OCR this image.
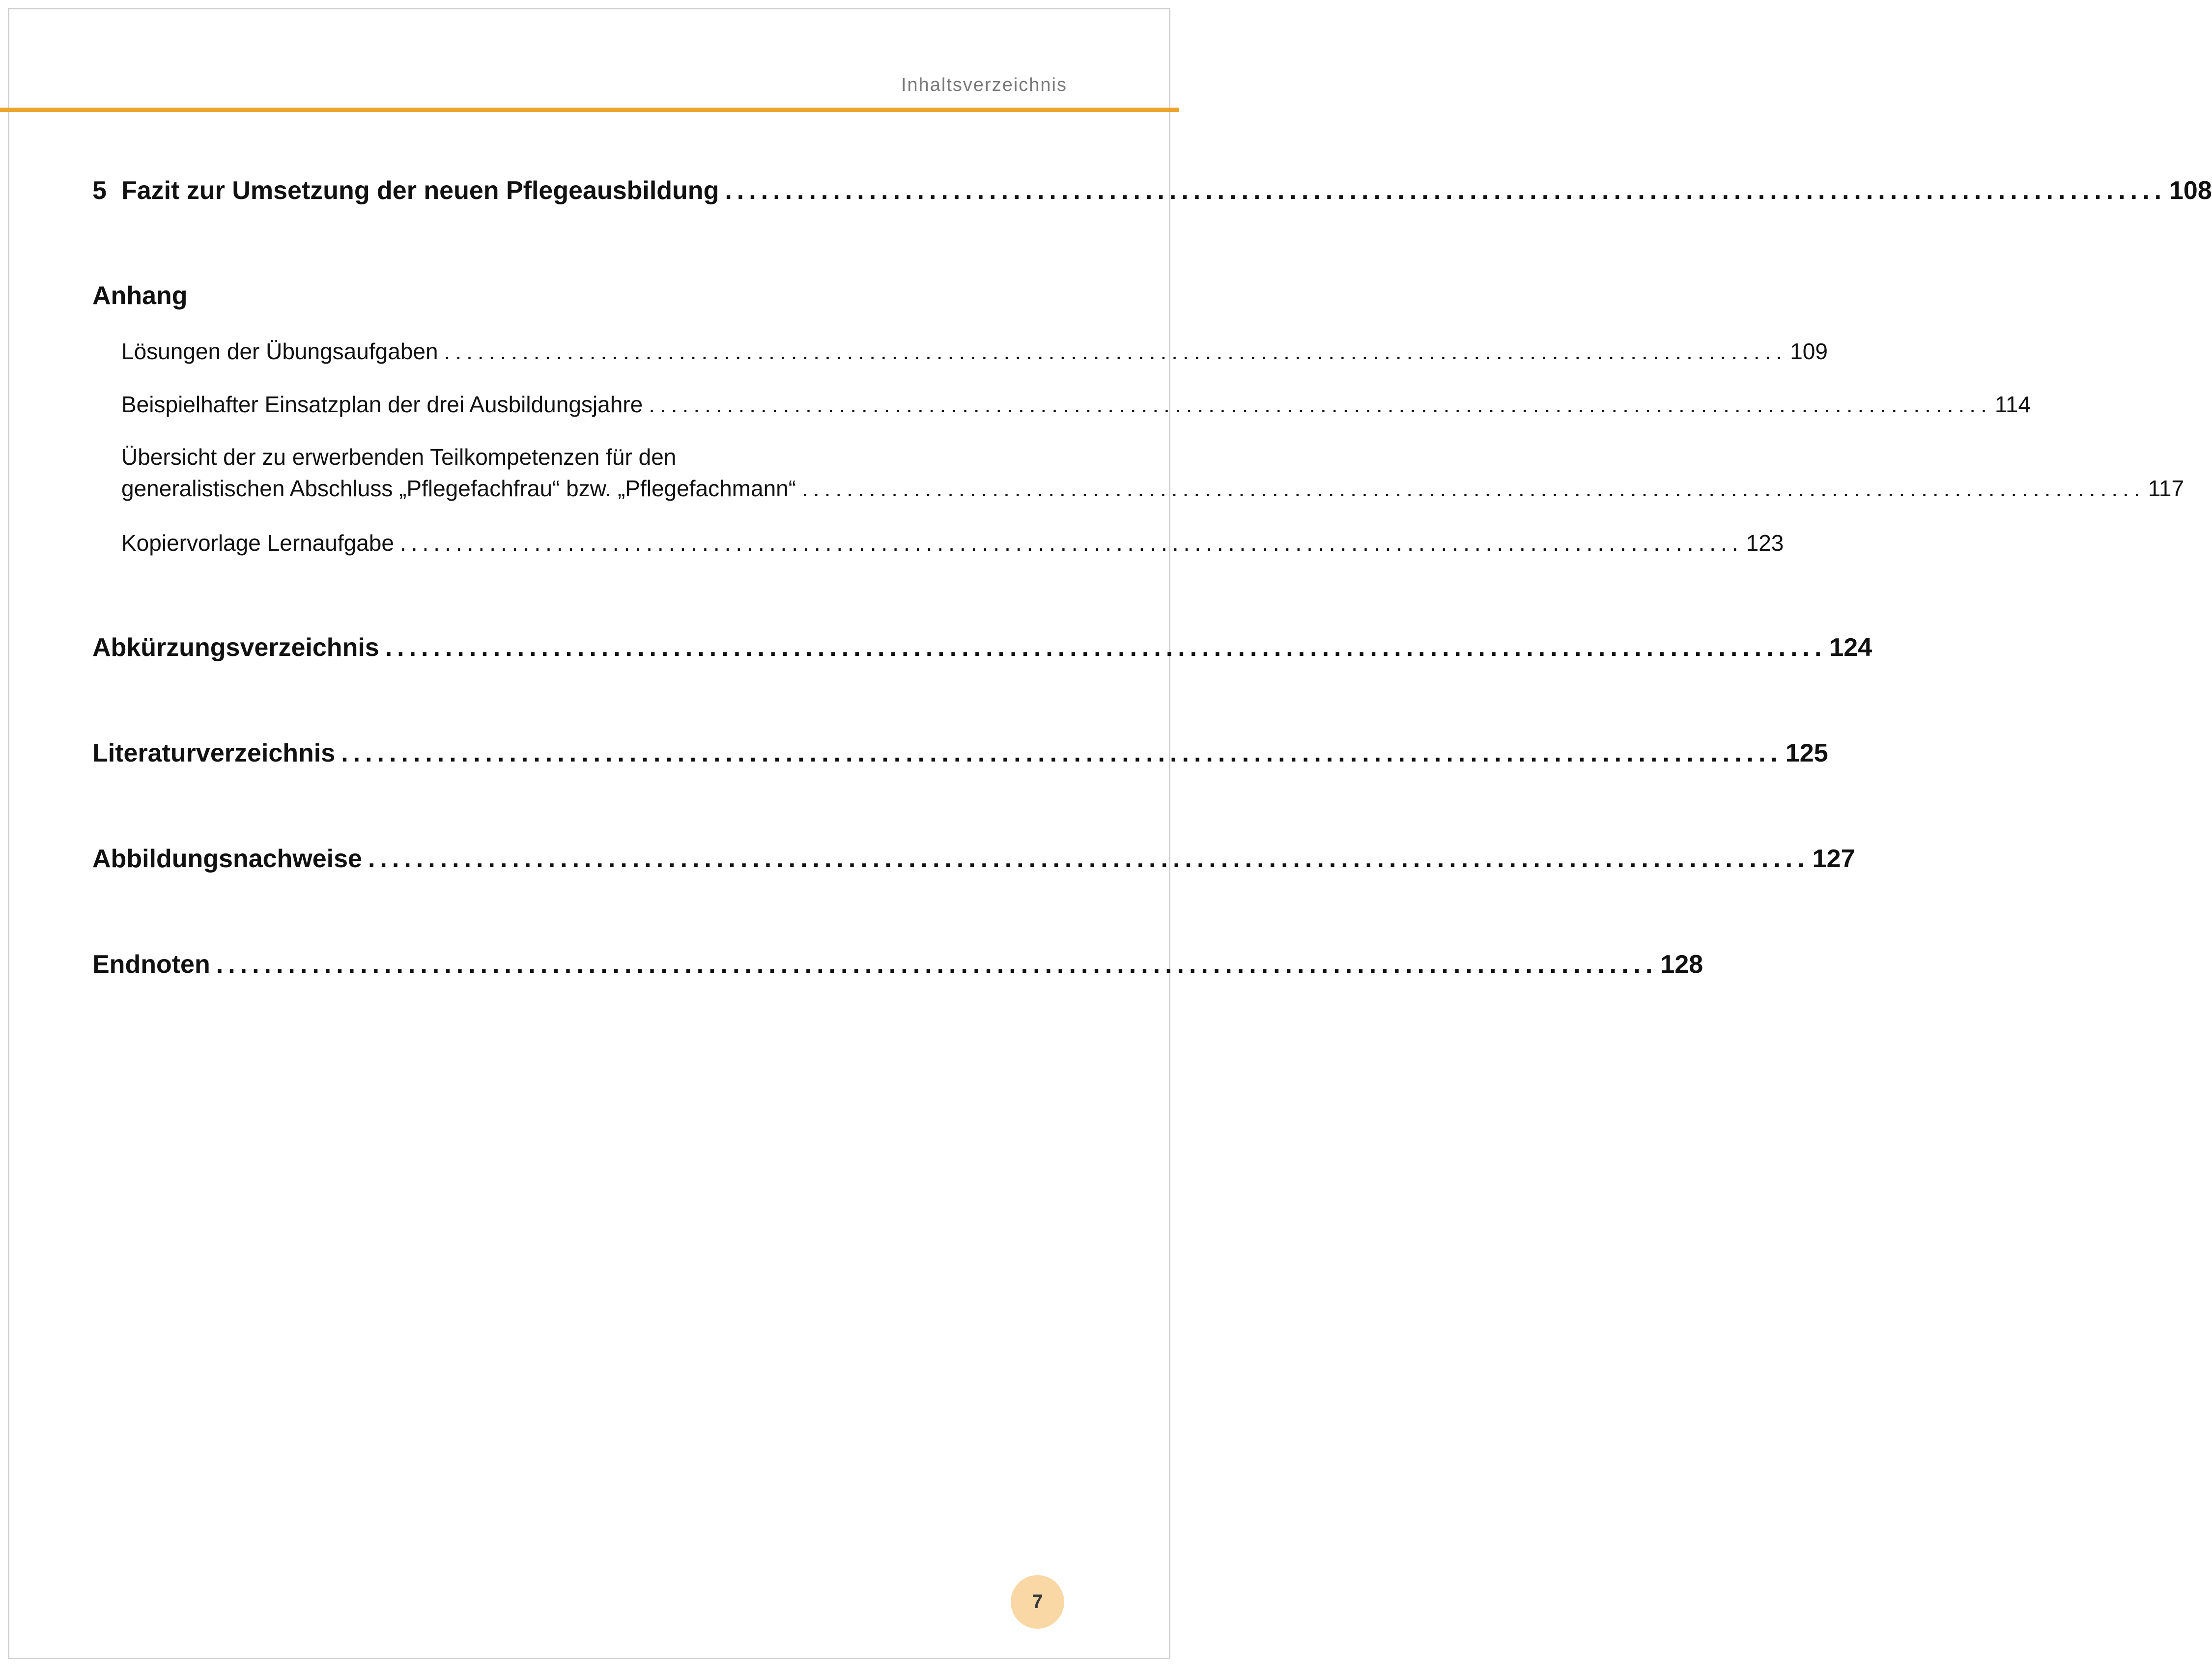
Inhaltsverzeichnis
5 Fazit zur Umsetzung der neuen Pflegeausbildung ........................................................................................................................ 108
Anhang
Lösungen der Übungsaufgaben ........................................................................................................................ 109
Beispielhafter Einsatzplan der drei Ausbildungsjahre ........................................................................................................................ 114
Übersicht der zu erwerbenden Teilkompetenzen für den
generalistischen Abschluss „Pflegefachfrau“ bzw. „Pflegefachmann“ ........................................................................................................................ 117
Kopiervorlage Lernaufgabe ........................................................................................................................ 123
Abkürzungsverzeichnis ........................................................................................................................ 124
Literaturverzeichnis ........................................................................................................................ 125
Abbildungsnachweise ........................................................................................................................ 127
Endnoten ........................................................................................................................ 128
7
